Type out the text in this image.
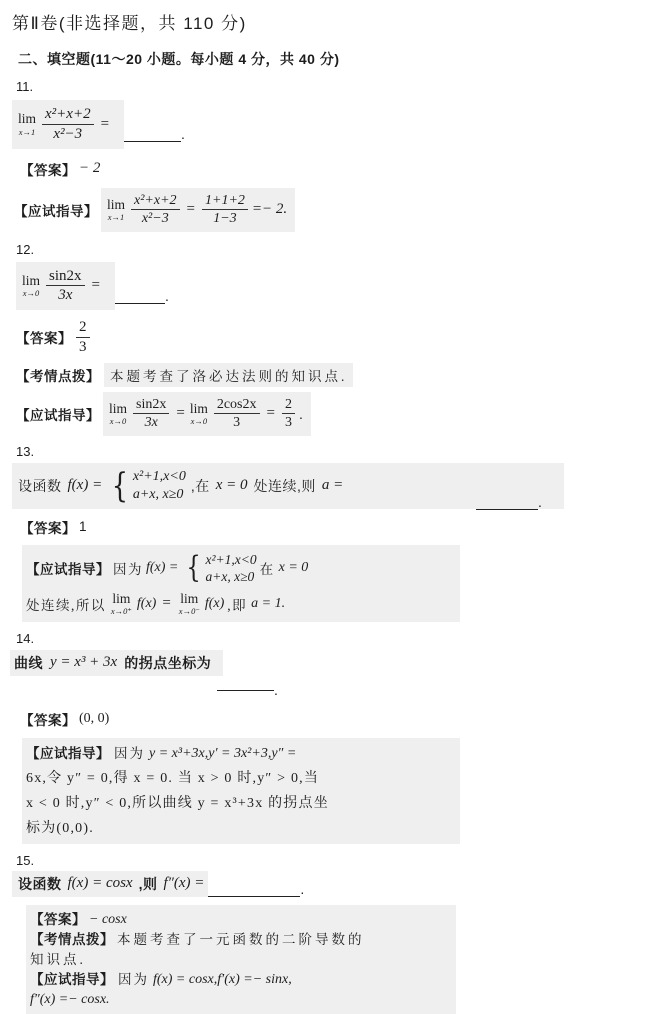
第Ⅱ卷(非选择题，共 110 分)
二、填空题(11～20 小题。每小题 4 分，共 40 分)
11.
lim
$x\to 1 \frac{\text{x²+x+2}}{\text{x²−3}}$ =
.
【答案】 − 2
【应试指导】 lim
$x\to 1 \frac{\text{x²+x+2}}{\text{x²−3}} = \frac{1+1+2}{1-3} =- 2$.
12.
lim
$x\to 0 \frac{\sin 2x}{3x}$ =
.
【答案】 $\frac{2}{3}$
【考情点拨】 本题考查了洛必达法则的知识点.
【应试指导】 lim
$x\to 0 \frac{\sin 2x}{3x} = \lim$
$x\to 0 \frac{2\cos 2x}{3} = \frac{2}{3}$ .
13.
设函数 f(x) = { x²+1,x<0
a+x, x≥0
,在 x = 0 处连续,则 a =
.
【答案】 1
【应试指导】 因为 f(x) = { x²+1,x<0
a+x, x≥0 在 x = 0
处连续,所以 lim
x→0⁺
f(x) = lim
x→0⁻
f(x) ,即 a = 1.
14.
曲线 y = x³ + 3x 的拐点坐标为
.
【答案】 (0, 0)
【应试指导】 因为 y = x³+3x,y′ = 3x²+3,y″ =
6x,令 y″ = 0,得 x = 0. 当 x > 0 时,y″ > 0,当
x < 0 时,y″ < 0,所以曲线 y = x³+3x 的拐点坐
标为(0,0).
15.
设函数 f(x) = cosx ,则 f″(x) =	.
【答案】 − cosx
【考情点拨】 本题考查了一元函数的二阶导数的
知识点.
【应试指导】 因为 f(x) = cosx,f′(x) =− sinx,
f″(x) =− cosx.
